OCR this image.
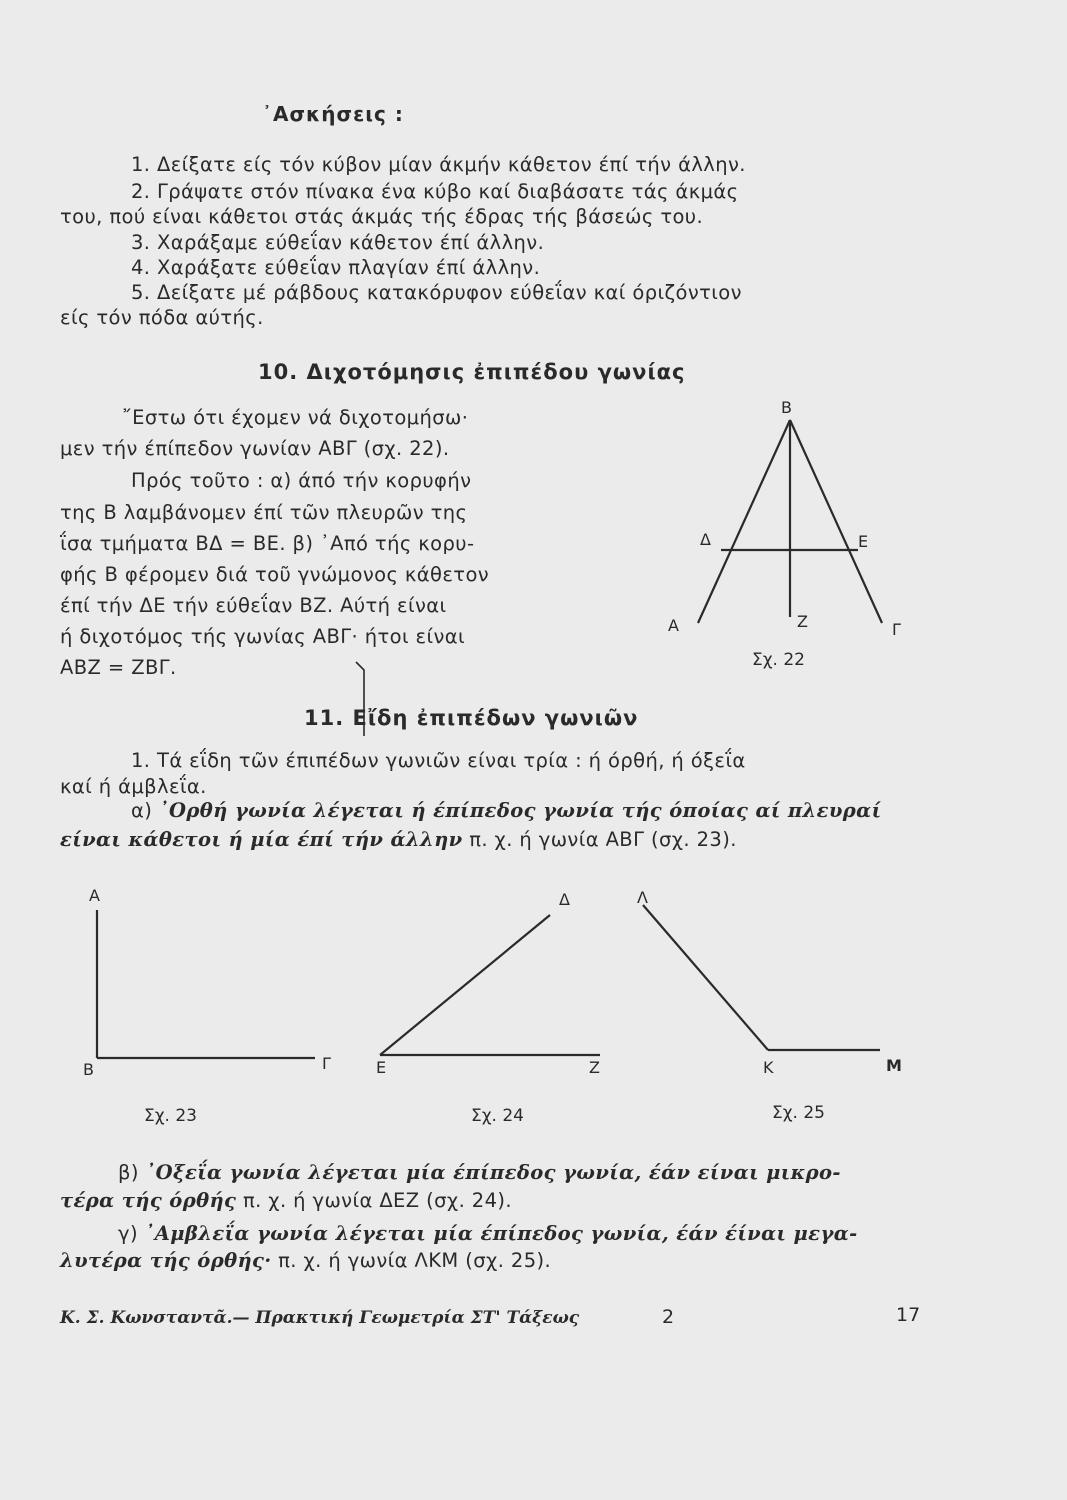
᾿Ασκήσεις :
1. Δείξατε είς τόν κύβον μίαν άκμήν κάθετον έπί τήν άλλην.
2. Γράψατε στόν πίνακα ένα κύβο καί διαβάσατε τάς άκμάς
του, πού είναι κάθετοι στάς άκμάς τής έδρας τής βάσεώς του.
3. Χαράξαμε εύθεΐαν κάθετον έπί άλλην.
4. Χαράξατε εύθεΐαν πλαγίαν έπί άλλην.
5. Δείξατε μέ ράβδους κατακόρυφον εύθεΐαν καί όριζόντιον
είς τόν πόδα αύτής.
10. Διχοτόμησις ἐπιπέδου γωνίας
῎Εστω ότι έχομεν νά διχοτομήσω·
μεν τήν έπίπεδον γωνίαν ΑΒΓ (σχ. 22).
Πρός τοῦτο : α) άπό τήν κορυφήν
της Β λαμβάνομεν έπί τῶν πλευρῶν της
ΐσα τμήματα ΒΔ = ΒΕ. β) ᾿Από τής κορυ-
φής Β φέρομεν διά τοῦ γνώμονος κάθετον
έπί τήν ΔΕ τήν εύθεΐαν ΒΖ. Αύτή είναι
ή διχοτόμος τής γωνίας ΑΒΓ· ήτοι είναι
ΑΒΖ = ΖΒΓ.
Β
Δ	Ε
Α	Ζ	Γ
Σχ. 22
11. Εἴδη ἐπιπέδων γωνιῶν
1. Τά εΐδη τῶν έπιπέδων γωνιῶν είναι τρία : ή όρθή, ή όξεΐα
καί ή άμβλεΐα.
α) ᾿Ορθή γωνία λέγεται ή έπίπεδος γωνία τής όποίας αί πλευραί
είναι κάθετοι ή μία έπί τήν άλλην π. χ. ή γωνία ΑΒΓ (σχ. 23).
Α
Β	Γ
Δ
Ε	Ζ
Λ
Κ	Μ
Σχ. 23	Σχ. 24	Σχ. 25
β) ᾿Οξεΐα γωνία λέγεται μία έπίπεδος γωνία, έάν είναι μικρο-
τέρα τής όρθής π. χ. ή γωνία ΔΕΖ (σχ. 24).
γ) ᾿Αμβλεΐα γωνία λέγεται μία έπίπεδος γωνία, έάν έίναι μεγα-
λυτέρα τής όρθής· π. χ. ή γωνία ΛΚΜ (σχ. 25).
Κ. Σ. Κωνσταντᾶ.— Πρακτική Γεωμετρία ΣΤ' Τάξεως	2	17
